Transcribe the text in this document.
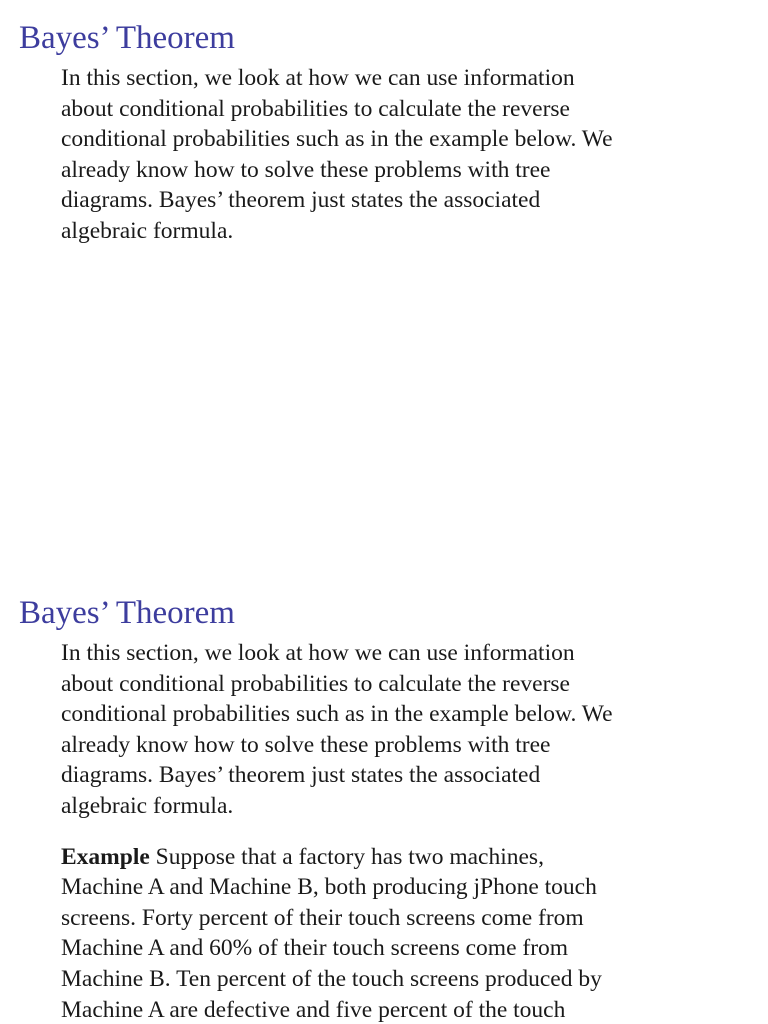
Bayes’ Theorem

In this section, we look at how we can use information
about conditional probabilities to calculate the reverse
conditional probabilities such as in the example below. We
already know how to solve these problems with tree
diagrams. Bayes’ theorem just states the associated
algebraic formula.

Bayes’ Theorem

In this section, we look at how we can use information
about conditional probabilities to calculate the reverse
conditional probabilities such as in the example below. We
already know how to solve these problems with tree
diagrams. Bayes’ theorem just states the associated
algebraic formula.

Example Suppose that a factory has two machines,
Machine A and Machine B, both producing jPhone touch
screens. Forty percent of their touch screens come from
Machine A and 60% of their touch screens come from
Machine B. Ten percent of the touch screens produced by
Machine A are defective and five percent of the touch
